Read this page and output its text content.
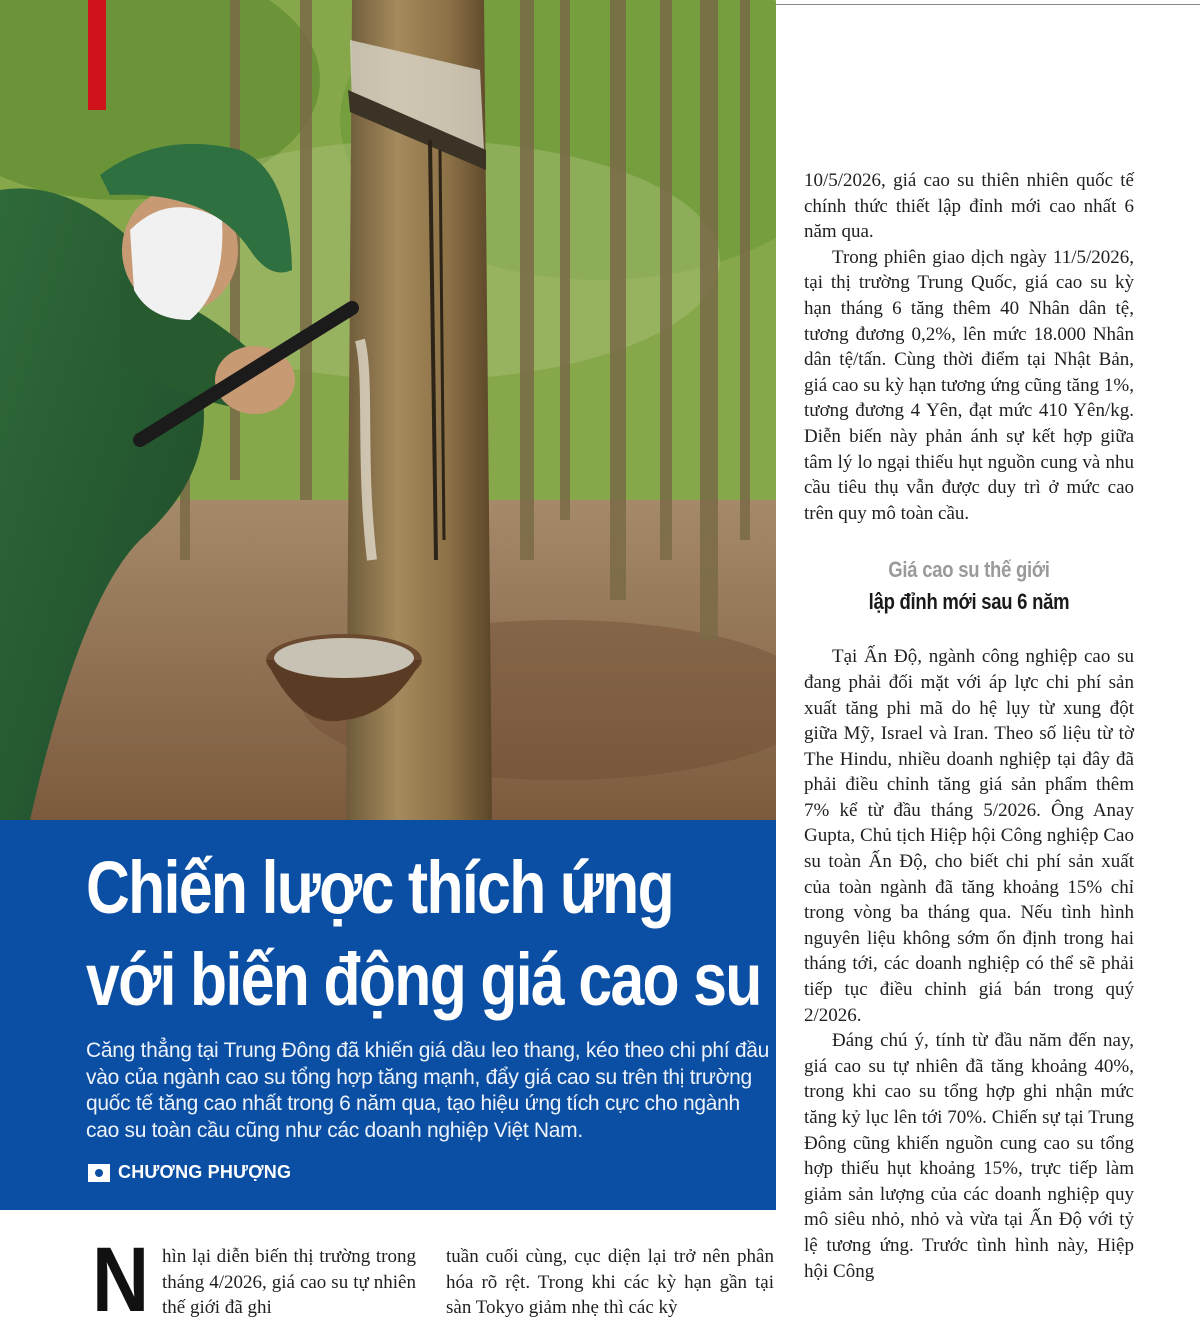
Chiến lược thích ứng
với biến động giá cao su

Căng thẳng tại Trung Đông đã khiến giá dầu leo thang, kéo theo chi phí đầu vào của ngành cao su tổng hợp tăng mạnh, đẩy giá cao su trên thị trường quốc tế tăng cao nhất trong 6 năm qua, tạo hiệu ứng tích cực cho ngành cao su toàn cầu cũng như các doanh nghiệp Việt Nam.

CHƯƠNG PHƯỢNG

10/5/2026, giá cao su thiên nhiên quốc tế chính thức thiết lập đỉnh mới cao nhất 6 năm qua.

Trong phiên giao dịch ngày 11/5/2026, tại thị trường Trung Quốc, giá cao su kỳ hạn tháng 6 tăng thêm 40 Nhân dân tệ, tương đương 0,2%, lên mức 18.000 Nhân dân tệ/tấn. Cùng thời điểm tại Nhật Bản, giá cao su kỳ hạn tương ứng cũng tăng 1%, tương đương 4 Yên, đạt mức 410 Yên/kg. Diễn biến này phản ánh sự kết hợp giữa tâm lý lo ngại thiếu hụt nguồn cung và nhu cầu tiêu thụ vẫn được duy trì ở mức cao trên quy mô toàn cầu.

Giá cao su thế giới
lập đỉnh mới sau 6 năm

Tại Ấn Độ, ngành công nghiệp cao su đang phải đối mặt với áp lực chi phí sản xuất tăng phi mã do hệ lụy từ xung đột giữa Mỹ, Israel và Iran. Theo số liệu từ tờ The Hindu, nhiều doanh nghiệp tại đây đã phải điều chỉnh tăng giá sản phẩm thêm 7% kể từ đầu tháng 5/2026. Ông Anay Gupta, Chủ tịch Hiệp hội Công nghiệp Cao su toàn Ấn Độ, cho biết chi phí sản xuất của toàn ngành đã tăng khoảng 15% chỉ trong vòng ba tháng qua. Nếu tình hình nguyên liệu không sớm ổn định trong hai tháng tới, các doanh nghiệp có thể sẽ phải tiếp tục điều chỉnh giá bán trong quý 2/2026.

Đáng chú ý, tính từ đầu năm đến nay, giá cao su tự nhiên đã tăng khoảng 40%, trong khi cao su tổng hợp ghi nhận mức tăng kỷ lục lên tới 70%. Chiến sự tại Trung Đông cũng khiến nguồn cung cao su tổng hợp thiếu hụt khoảng 15%, trực tiếp làm giảm sản lượng của các doanh nghiệp quy mô siêu nhỏ, nhỏ và vừa tại Ấn Độ với tỷ lệ tương ứng. Trước tình hình này, Hiệp hội Công

N hìn lại diễn biến thị trường trong tháng 4/2026, giá cao su tự nhiên thế giới đã ghi

tuần cuối cùng, cục diện lại trở nên phân hóa rõ rệt. Trong khi các kỳ hạn gần tại sàn Tokyo giảm nhẹ thì các kỳ
